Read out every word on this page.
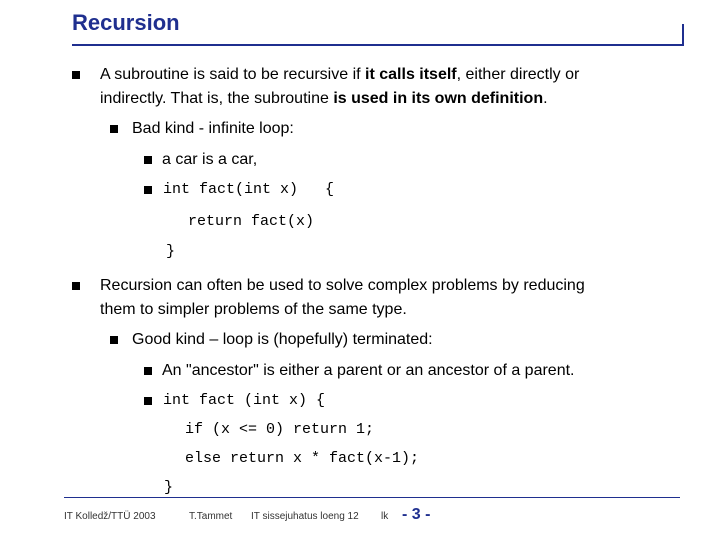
Recursion
A subroutine is said to be recursive if it calls itself, either directly or
indirectly. That is, the subroutine is used in its own definition.
Bad kind - infinite loop:
a car is a car,
int fact(int x)   {
return fact(x)
}
Recursion can often be used to solve complex problems by reducing
them to simpler problems of the same type.
Good kind – loop is (hopefully) terminated:
An "ancestor" is either a parent or an ancestor of a parent.
int fact (int x) {
if (x <= 0) return 1;
else return x * fact(x-1);
}
IT Kolledž/TTÜ 2003	T.Tammet IT sissejuhatus loeng 12 lk - 3 -
